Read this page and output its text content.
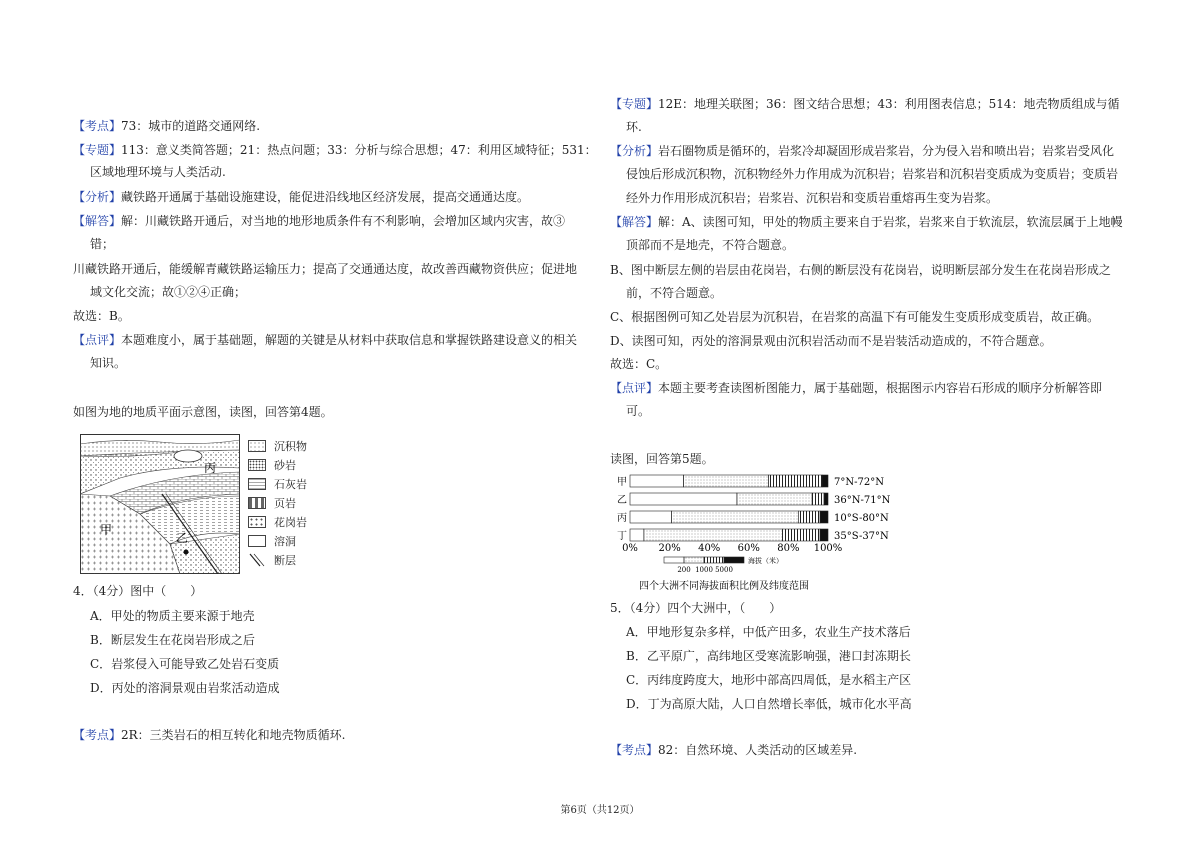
【考点】73：城市的道路交通网络.
【专题】113：意义类简答题；21：热点问题；33：分析与综合思想；47：利用区域特征；531：
区域地理环境与人类活动.
【分析】藏铁路开通属于基础设施建设，能促进沿线地区经济发展，提高交通通达度。
【解答】解：川藏铁路开通后，对当地的地形地质条件有不利影响，会增加区域内灾害，故③
错；
川藏铁路开通后，能缓解青藏铁路运输压力；提高了交通通达度，故改善西藏物资供应；促进地
域文化交流；故①②④正确；
故选：B。
【点评】本题难度小，属于基础题，解题的关键是从材料中获取信息和掌握铁路建设意义的相关
知识。
如图为地的地质平面示意图，读图，回答第4题。
丙
甲
乙
沉积物
砂岩
石灰岩
页岩
花岗岩
溶洞
断层
4．（4分）图中（　　）
A．甲处的物质主要来源于地壳
B．断层发生在花岗岩形成之后
C．岩浆侵入可能导致乙处岩石变质
D．丙处的溶洞景观由岩浆活动造成
【考点】2R：三类岩石的相互转化和地壳物质循环.
【专题】12E：地理关联图；36：图文结合思想；43：利用图表信息；514：地壳物质组成与循
环.
【分析】岩石圈物质是循环的，岩浆冷却凝固形成岩浆岩，分为侵入岩和喷出岩；岩浆岩受风化
侵蚀后形成沉积物，沉积物经外力作用成为沉积岩；岩浆岩和沉积岩变质成为变质岩；变质岩
经外力作用形成沉积岩；岩浆岩、沉积岩和变质岩重熔再生变为岩浆。
【解答】解：A、读图可知，甲处的物质主要来自于岩浆，岩浆来自于软流层，软流层属于上地幔
顶部而不是地壳，不符合题意。
B、图中断层左侧的岩层由花岗岩，右侧的断层没有花岗岩，说明断层部分发生在花岗岩形成之
前，不符合题意。
C、根据图例可知乙处岩层为沉积岩，在岩浆的高温下有可能发生变质形成变质岩，故正确。
D、读图可知，丙处的溶洞景观由沉积岩活动而不是岩装活动造成的，不符合题意。
故选：C。
【点评】本题主要考查读图析图能力，属于基础题，根据图示内容岩石形成的顺序分析解答即
可。
读图，回答第5题。
甲
乙
丙
丁
7°N-72°N
36°N-71°N
10°S-80°N
35°S-37°N
0% 20% 40% 60% 80% 100%
200 1000 5000
海拔（米）
四个大洲不同海拔面积比例及纬度范围
5．（4分）四个大洲中，（　　）
A．甲地形复杂多样，中低产田多，农业生产技术落后
B．乙平原广，高纬地区受寒流影响强，港口封冻期长
C．丙纬度跨度大，地形中部高四周低，是水稻主产区
D．丁为高原大陆，人口自然增长率低，城市化水平高
【考点】82：自然环境、人类活动的区域差异.
第6页（共12页）
